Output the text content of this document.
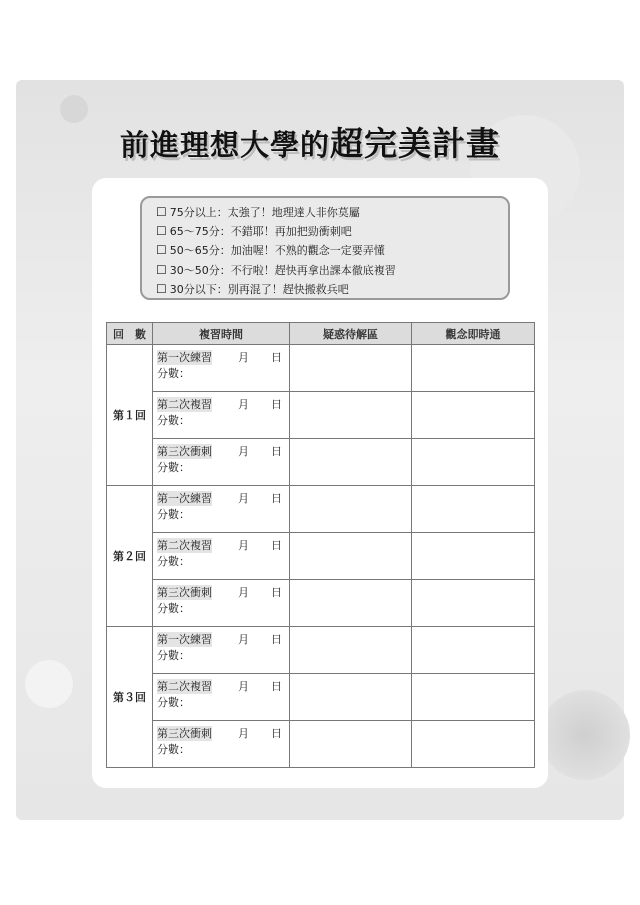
前進理想大學的超完美計畫
☐ 75分以上：太強了！地理達人非你莫屬
☐ 65～75分：不錯耶！再加把勁衝刺吧
☐ 50～65分：加油喔！不熟的觀念一定要弄懂
☐ 30～50分：不行啦！趕快再拿出課本徹底複習
☐ 30分以下：別再混了！趕快搬救兵吧
回　數	複習時間	疑惑待解區	觀念即時通
第１回	第一次練習 月 日
分數：		

	第二次複習 月 日
分數：		

	第三次衝刺 月 日
分數：		

第２回	第一次練習 月 日
分數：		

	第二次複習 月 日
分數：		

	第三次衝刺 月 日
分數：		

第３回	第一次練習 月 日
分數：		

	第二次複習 月 日
分數：		

	第三次衝刺 月 日
分數：		
